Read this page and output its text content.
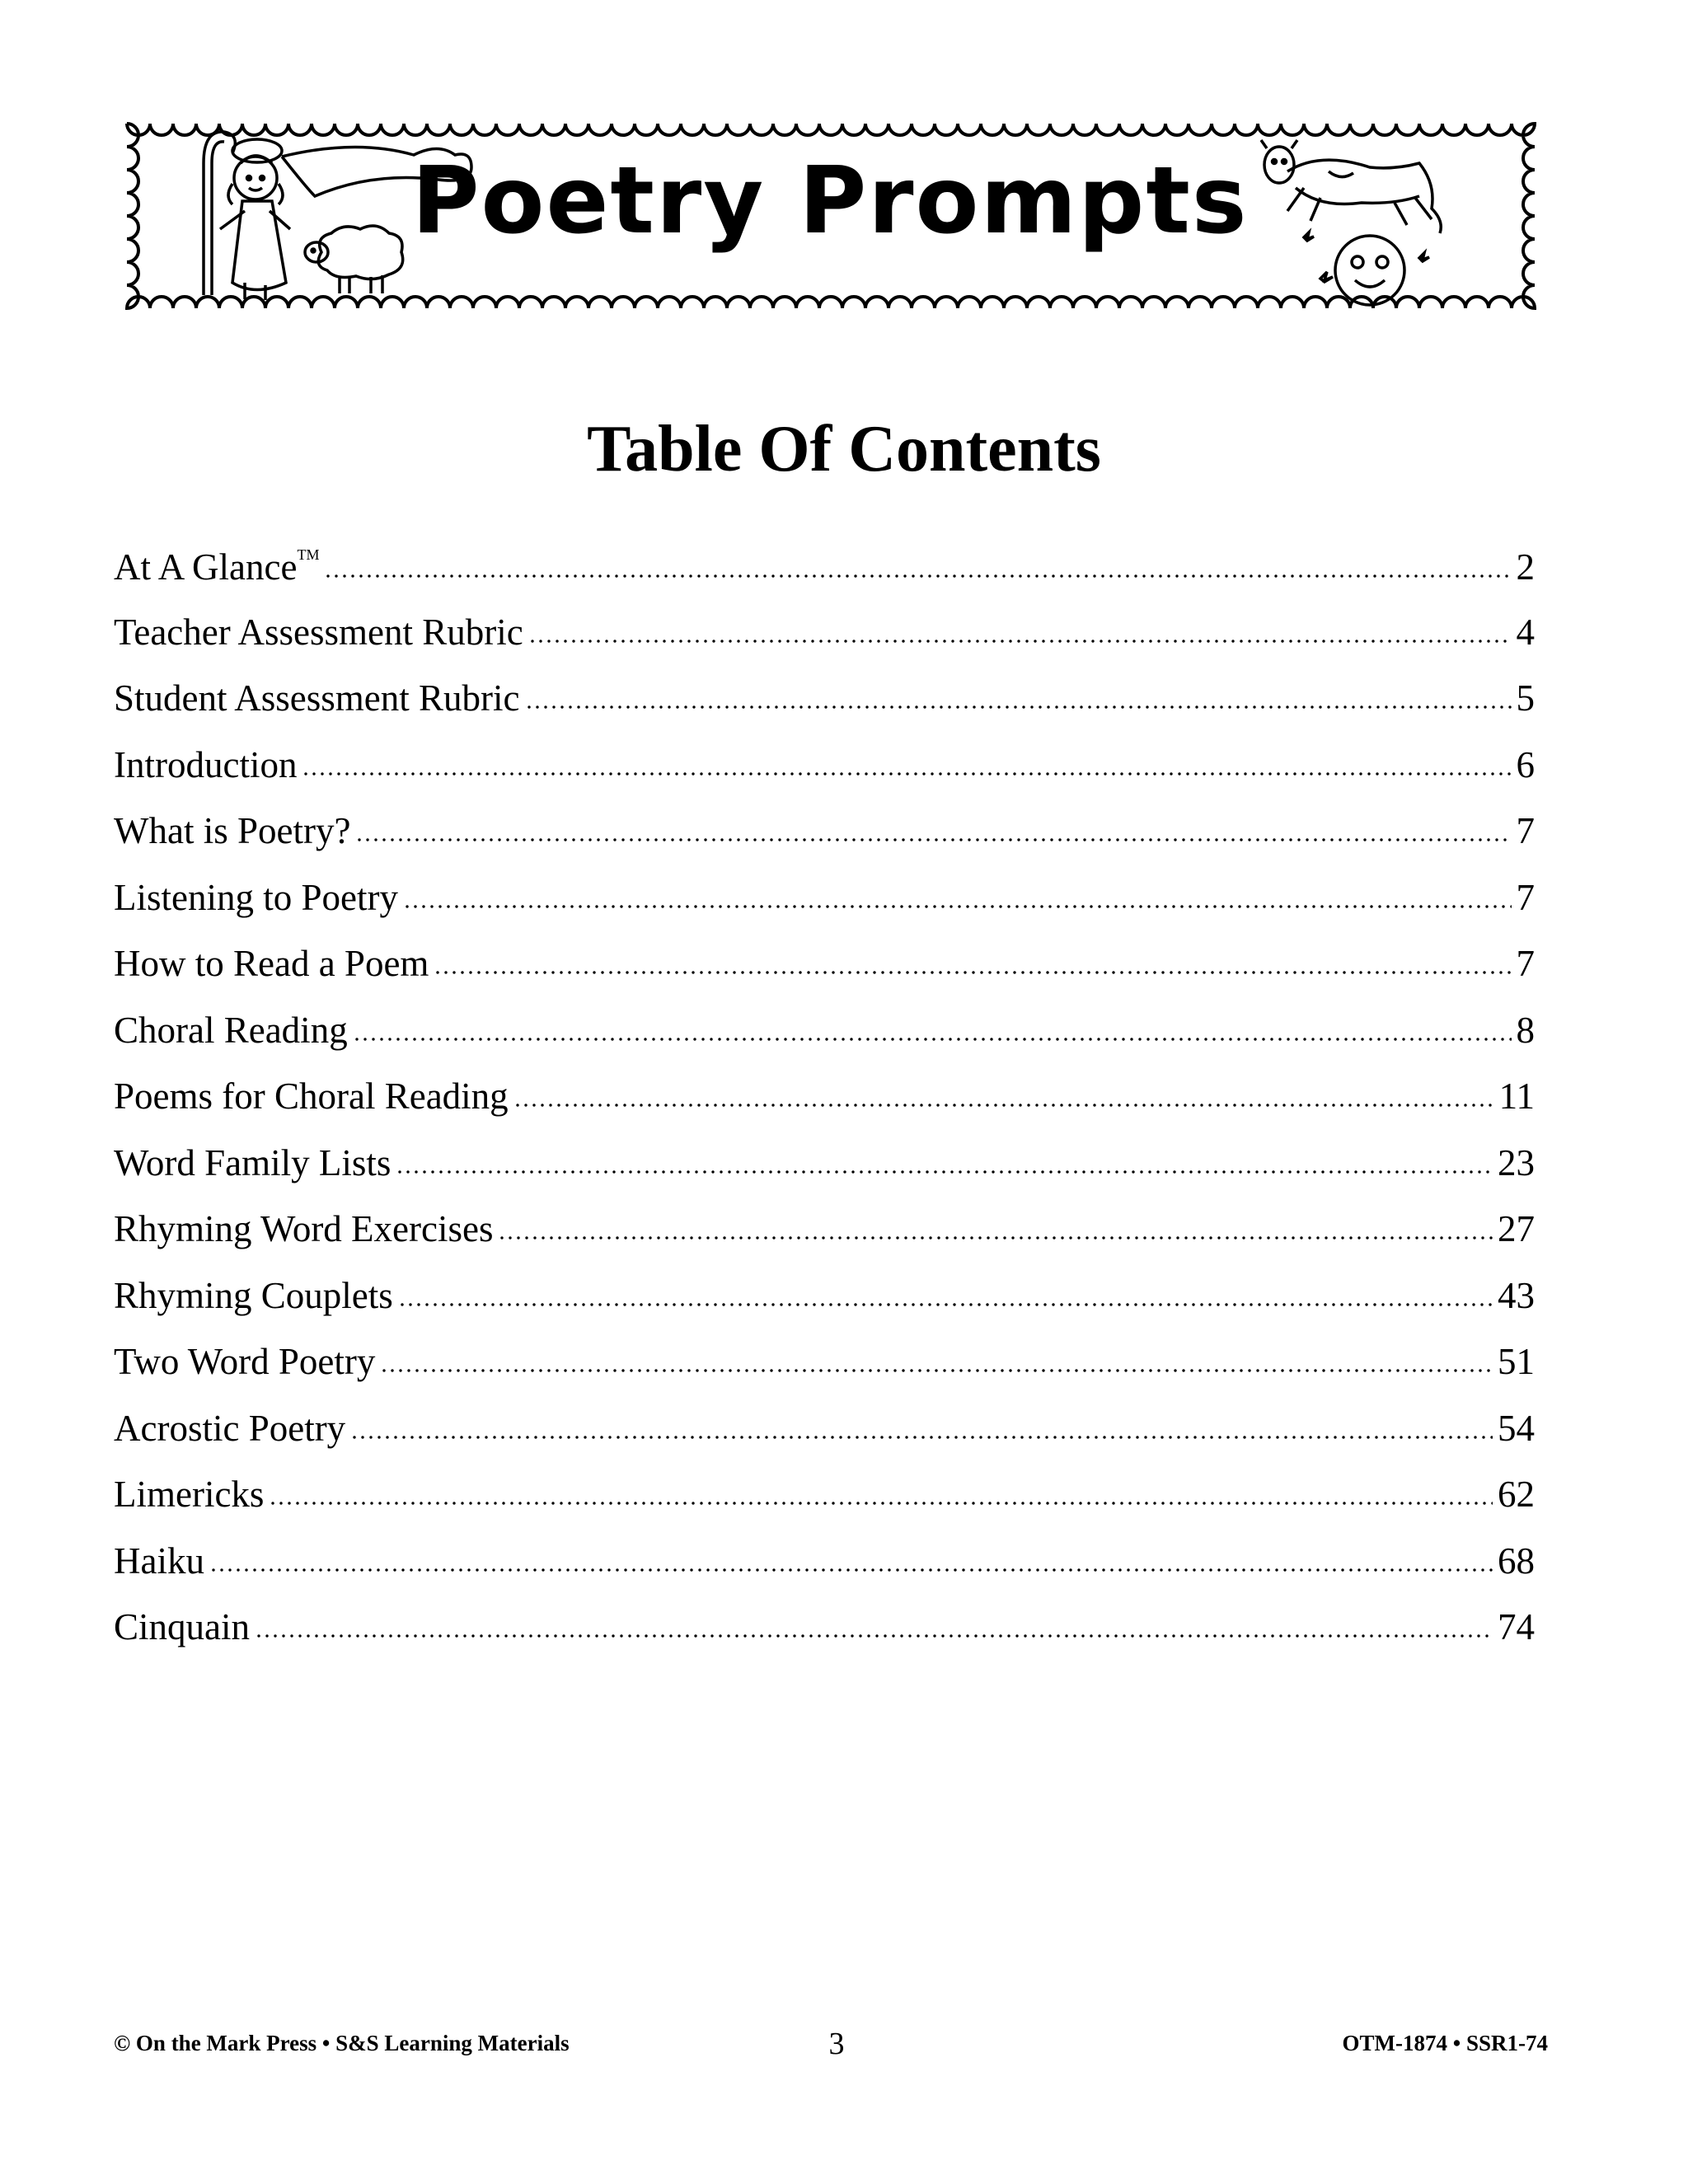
Poetry Prompts
Table Of Contents
At A Glance™	2
Teacher Assessment Rubric	4
Student Assessment Rubric	5
Introduction	6
What is Poetry?	7
Listening to Poetry	7
How to Read a Poem	7
Choral Reading	8
Poems for Choral Reading	11
Word Family Lists	23
Rhyming Word Exercises	27
Rhyming Couplets	43
Two Word Poetry	51
Acrostic Poetry	54
Limericks	62
Haiku	68
Cinquain	74
© On the Mark Press • S&S Learning Materials	3	OTM-1874 • SSR1-74
